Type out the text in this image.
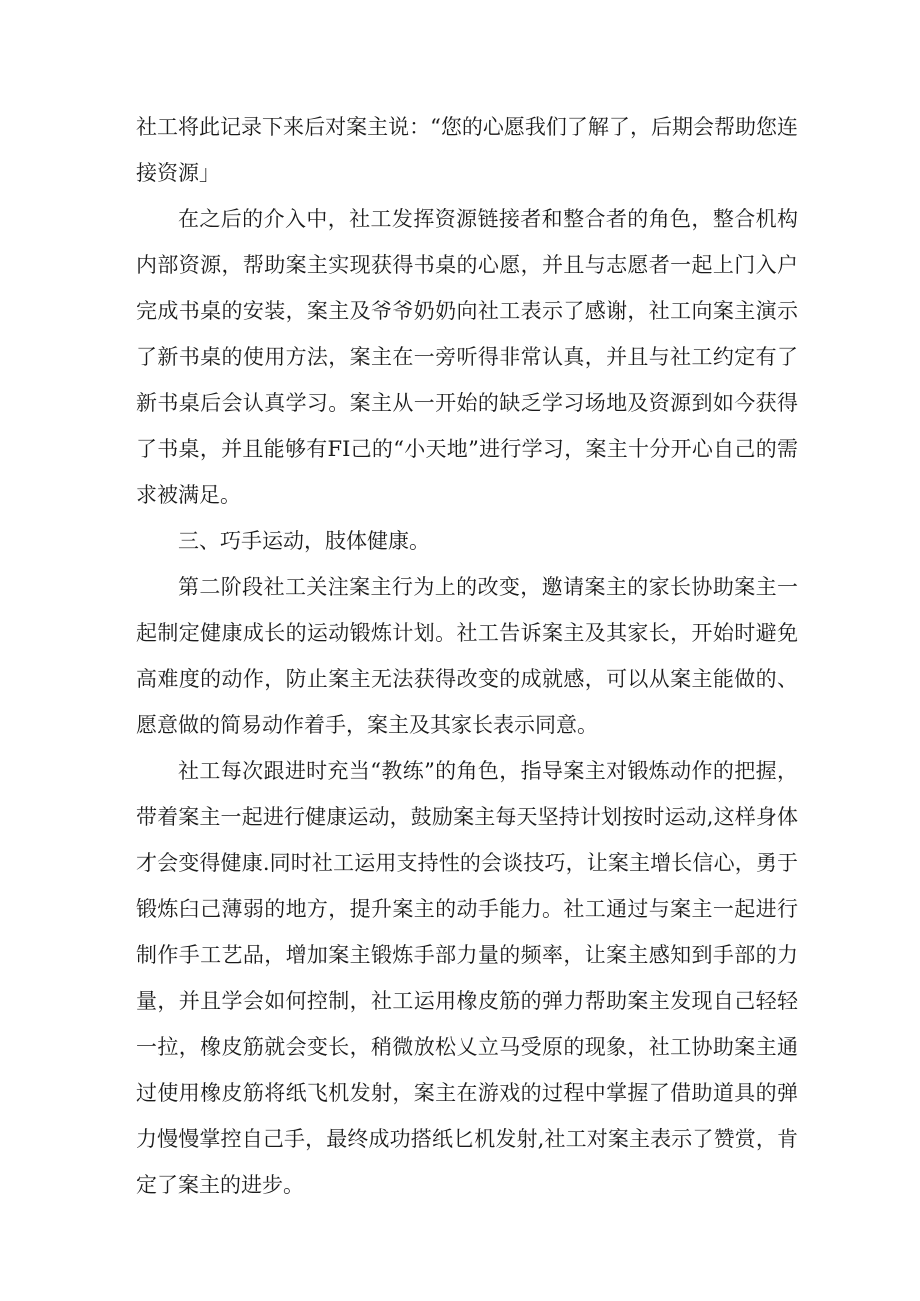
社工将此记录下来后对案主说：“您的心愿我们了解了，后期会帮助您连接资源」

在之后的介入中，社工发挥资源链接者和整合者的角色，整合机构内部资源，帮助案主实现获得书桌的心愿，并且与志愿者一起上门入户完成书桌的安装，案主及爷爷奶奶向社工表示了感谢，社工向案主演示了新书桌的使用方法，案主在一旁听得非常认真，并且与社工约定有了新书桌后会认真学习。案主从一开始的缺乏学习场地及资源到如今获得了书桌，并且能够有FI己的“小天地”进行学习，案主十分开心自己的需求被满足。

三、巧手运动，肢体健康。

第二阶段社工关注案主行为上的改变，邀请案主的家长协助案主一起制定健康成长的运动锻炼计划。社工告诉案主及其家长，开始时避免高难度的动作，防止案主无法获得改变的成就感，可以从案主能做的、愿意做的简易动作着手，案主及其家长表示同意。

社工每次跟进时充当“教练”的角色，指导案主对锻炼动作的把握，带着案主一起进行健康运动，鼓励案主每天坚持计划按时运动,这样身体才会变得健康.同时社工运用支持性的会谈技巧，让案主增长信心，勇于锻炼臼己薄弱的地方，提升案主的动手能力。社工通过与案主一起进行制作手工艺品，增加案主锻炼手部力量的频率，让案主感知到手部的力量，并且学会如何控制，社工运用橡皮筋的弹力帮助案主发现自己轻轻一拉，橡皮筋就会变长，稍微放松乂立马受原的现象，社工协助案主通过使用橡皮筋将纸飞机发射，案主在游戏的过程中掌握了借助道具的弹力慢慢掌控自己手，最终成功搭纸匕机发射,社工对案主表示了赞赏，肯定了案主的进步。
